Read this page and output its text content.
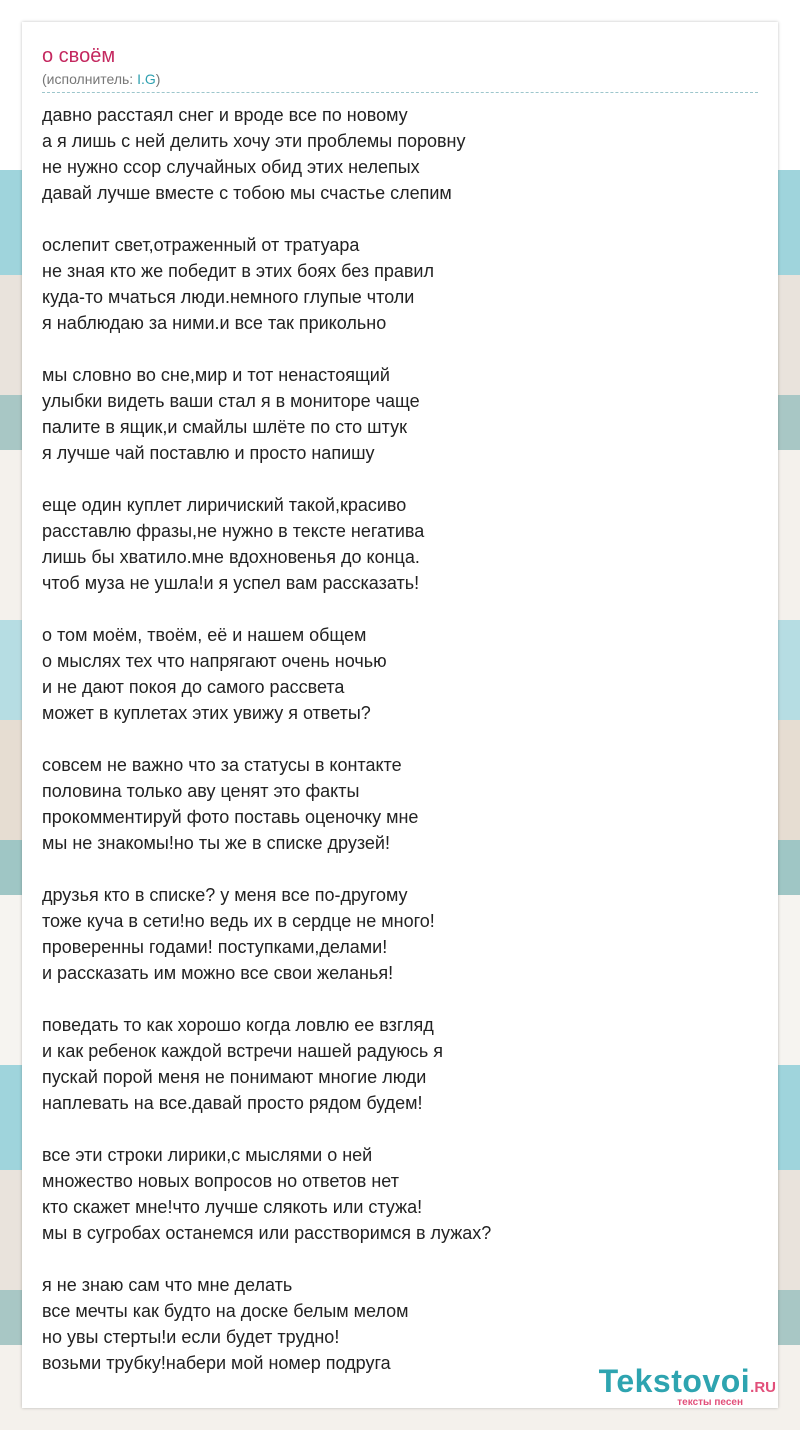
о своём
(исполнитель: I.G)
давно расстаял снег и вроде все по новому
а я лишь с ней делить хочу эти проблемы поровну
не нужно ссор случайных обид этих нелепых
давай лучше вместе с тобою мы счастье слепим
ослепит свет,отраженный от тратуара
не зная кто же победит в этих боях без правил
куда-то мчаться люди.немного глупые чтоли
я наблюдаю за ними.и все так прикольно
мы словно во сне,мир и тот ненастоящий
улыбки видеть ваши стал я в мониторе чаще
палите в ящик,и смайлы шлёте по сто штук
я лучше чай поставлю и просто напишу
еще один куплет лиричиский такой,красиво
расставлю фразы,не нужно в тексте негатива
лишь бы хватило.мне вдохновенья до конца.
чтоб муза не ушла!и я успел вам рассказать!
о том моём, твоём, её и нашем общем
о мыслях тех что напрягают очень ночью
и не дают покоя до самого рассвета
может в куплетах этих увижу я ответы?
совсем не важно что за статусы в контакте
половина только аву ценят это факты
прокомментируй фото поставь оценочку мне
мы не знакомы!но ты же в списке друзей!
друзья кто в списке? у меня все по-другому
тоже куча в сети!но ведь их в сердце не много!
проверенны годами! поступками,делами!
и рассказать им можно все свои желанья!
поведать то как хорошо когда ловлю ее взгляд
и как ребенок каждой встречи нашей радуюсь я
пускай порой меня не понимают многие люди
наплевать на все.давай просто рядом будем!
все эти строки лирики,с мыслями о ней
множество новых вопросов но ответов нет
кто скажет мне!что лучше слякоть или стужа!
мы в сугробах останемся или расстворимся в лужах?
я не знаю сам что мне делать
все мечты как будто на доске белым мелом
но увы стерты!и если будет трудно!
возьми трубку!набери мой номер подруга	Tekstovoi.RU
тексты песен
